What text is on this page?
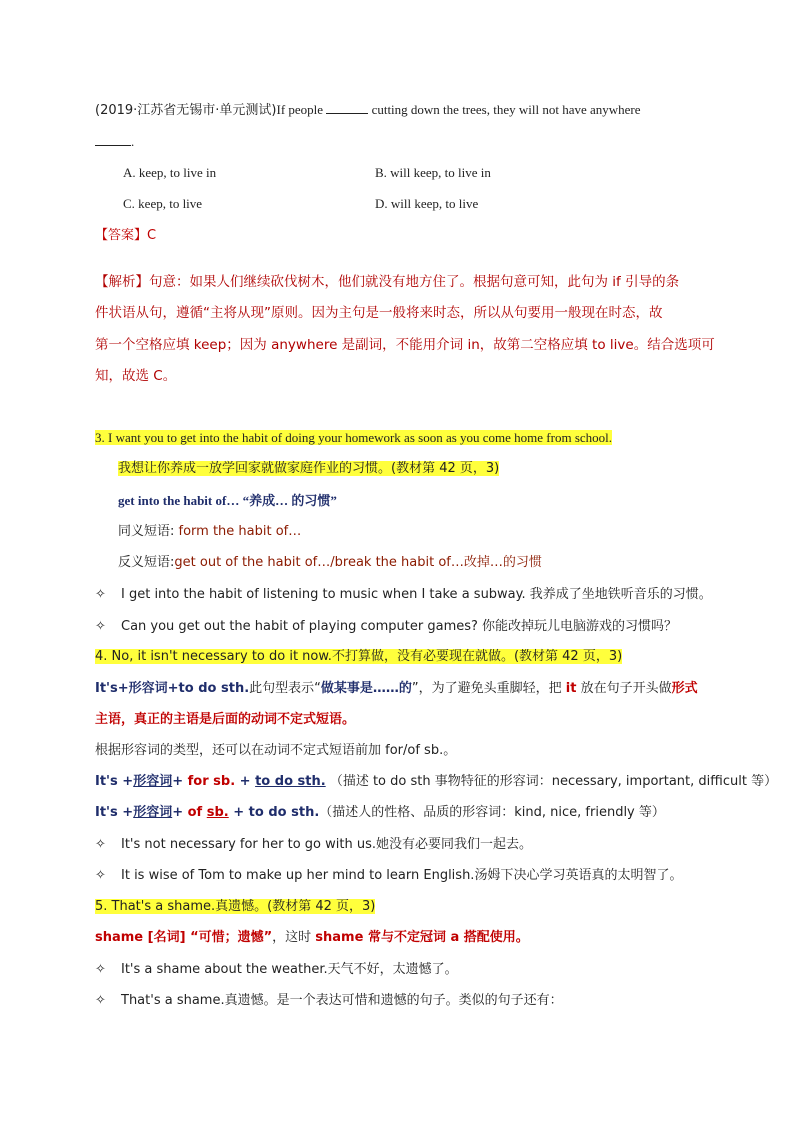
(2019·江苏省无锡市·单元测试)If people	cutting down the trees, they will not have anywhere
.
A. keep, to live in	B. will keep, to live in
C. keep, to live	D. will keep, to live
【答案】C
【解析】句意：如果人们继续砍伐树木，他们就没有地方住了。根据句意可知，此句为 if 引导的条
件状语从句，遵循“主将从现”原则。因为主句是一般将来时态，所以从句要用一般现在时态，故
第一个空格应填 keep；因为 anywhere 是副词，不能用介词 in，故第二空格应填 to live。结合选项可
知，故选 C。
3. I want you to get into the habit of doing your homework as soon as you come home from school.
我想让你养成一放学回家就做家庭作业的习惯。(教材第 42 页，3)
get into the habit of… “养成… 的习惯”
同义短语: form the habit of…
反义短语:get out of the habit of…/break the habit of…改掉…的习惯
✧ I get into the habit of listening to music when I take a subway. 我养成了坐地铁听音乐的习惯。
✧ Can you get out the habit of playing computer games? 你能改掉玩儿电脑游戏的习惯吗？
4. No, it isn't necessary to do it now.不打算做，没有必要现在就做。(教材第 42 页，3)
It's+形容词+to do sth.此句型表示“做某事是……的”，为了避免头重脚轻，把 it 放在句子开头做形式
主语，真正的主语是后面的动词不定式短语。
根据形容词的类型，还可以在动词不定式短语前加 for/of sb.。
It's +形容词+ for sb. + to do sth. （描述 to do sth 事物特征的形容词：necessary, important, difficult 等）
It's +形容词+ of sb. + to do sth.（描述人的性格、品质的形容词：kind, nice, friendly 等）
✧ It's not necessary for her to go with us.她没有必要同我们一起去。
✧ It is wise of Tom to make up her mind to learn English.汤姆下决心学习英语真的太明智了。
5. That's a shame.真遗憾。(教材第 42 页，3)
shame [名词] “可惜；遗憾”，这时 shame 常与不定冠词 a 搭配使用。
✧ It's a shame about the weather.天气不好，太遗憾了。
✧ That's a shame.真遗憾。是一个表达可惜和遗憾的句子。类似的句子还有：
